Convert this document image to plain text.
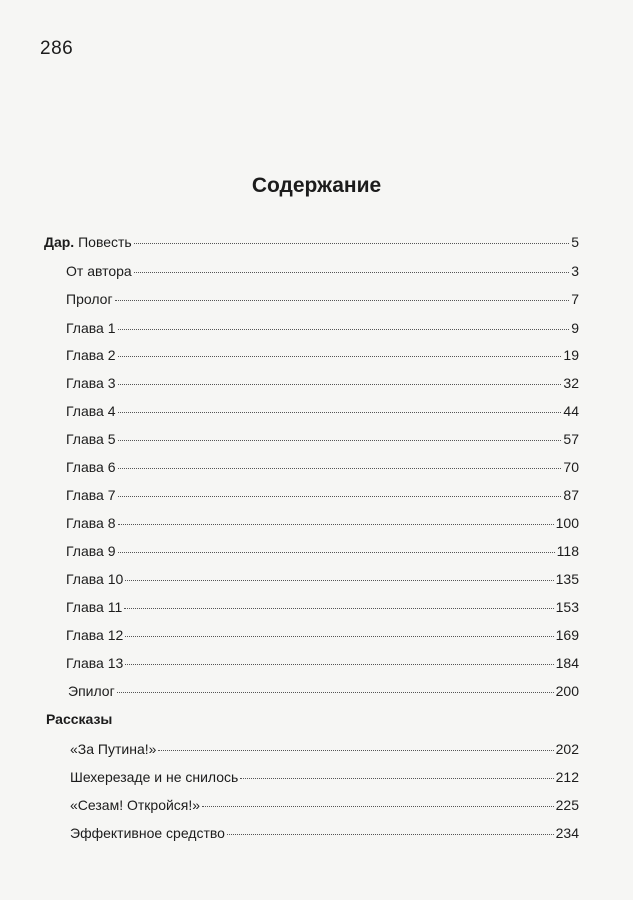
286
Содержание
Дар. Повесть	5
От автора	3
Пролог	7
Глава 1	9
Глава 2	19
Глава 3	32
Глава 4	44
Глава 5	57
Глава 6	70
Глава 7	87
Глава 8	100
Глава 9	118
Глава 10	135
Глава 11	153
Глава 12	169
Глава 13	184
Эпилог	200
Рассказы
«За Путина!»	202
Шехерезаде и не снилось	212
«Сезам! Откройся!»	225
Эффективное средство	234
